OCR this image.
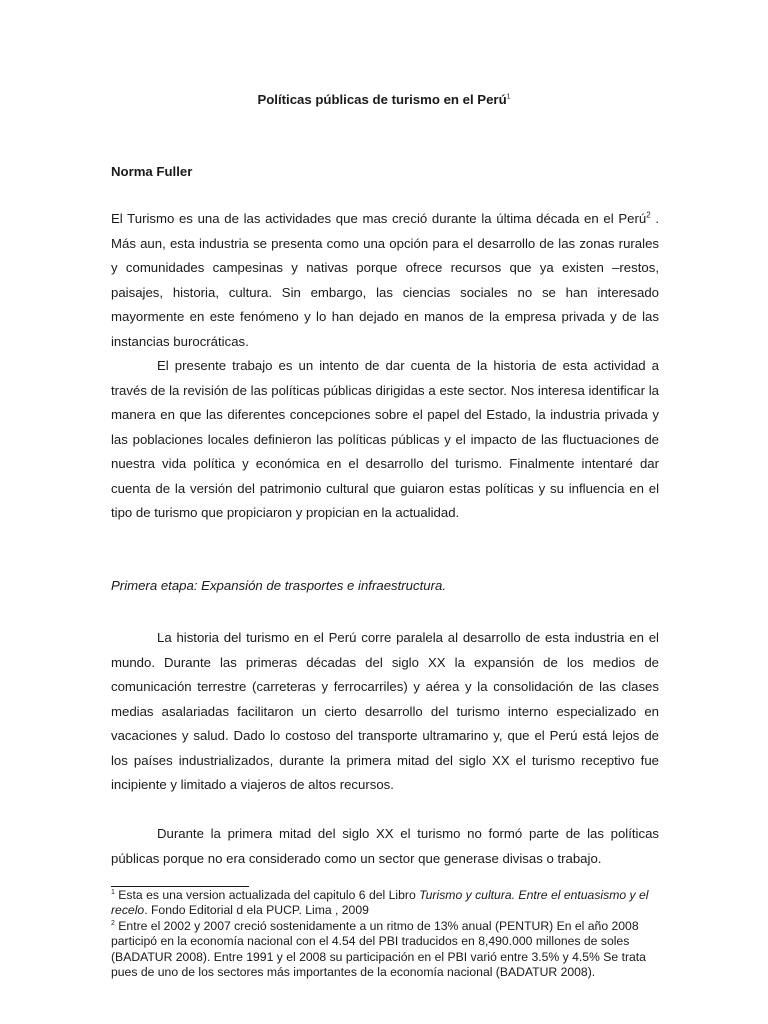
Políticas públicas de turismo en el Perú$^1$
Norma Fuller

El Turismo es una de las actividades que mas creció durante la última década en el Perú$^2$ . Más aun, esta industria se presenta como una opción para el desarrollo de las zonas rurales y comunidades campesinas y nativas porque ofrece recursos que ya existen –restos, paisajes, historia, cultura. Sin embargo, las ciencias sociales no se han interesado mayormente en este fenómeno y lo han dejado en manos de la empresa privada y de las instancias burocráticas.

El presente trabajo es un intento de dar cuenta de la historia de esta actividad a través de la revisión de las políticas públicas dirigidas a este sector. Nos interesa identificar la manera en que las diferentes concepciones sobre el papel del Estado, la industria privada y las poblaciones locales definieron las políticas públicas y el impacto de las fluctuaciones de nuestra vida política y económica en el desarrollo del turismo. Finalmente intentaré dar cuenta de la versión del patrimonio cultural que guiaron estas políticas y su influencia en el tipo de turismo que propiciaron y propician en la actualidad.

Primera etapa: Expansión de trasportes e infraestructura.

La historia del turismo en el Perú corre paralela al desarrollo de esta industria en el mundo. Durante las primeras décadas del siglo XX la expansión de los medios de comunicación terrestre (carreteras y ferrocarriles) y aérea y la consolidación de las clases medias asalariadas facilitaron un cierto desarrollo del turismo interno especializado en vacaciones y salud. Dado lo costoso del transporte ultramarino y, que el Perú está lejos de los países industrializados, durante la primera mitad del siglo XX el turismo receptivo fue incipiente y limitado a viajeros de altos recursos.

Durante la primera mitad del siglo XX el turismo no formó parte de las políticas públicas porque no era considerado como un sector que generase divisas o trabajo.

$^1$ Esta es una version actualizada del capitulo 6 del Libro Turismo y cultura. Entre el entuasismo y el recelo. Fondo Editorial d ela PUCP. Lima , 2009

$^2$ Entre el 2002 y 2007 creció sostenidamente a un ritmo de 13% anual (PENTUR) En el año 2008 participó en la economía nacional con el 4.54 del PBI traducidos en 8,490.000 millones de soles (BADATUR 2008). Entre 1991 y el 2008 su participación en el PBI varió entre 3.5% y 4.5% Se trata pues de uno de los sectores más importantes de la economía nacional (BADATUR 2008).
